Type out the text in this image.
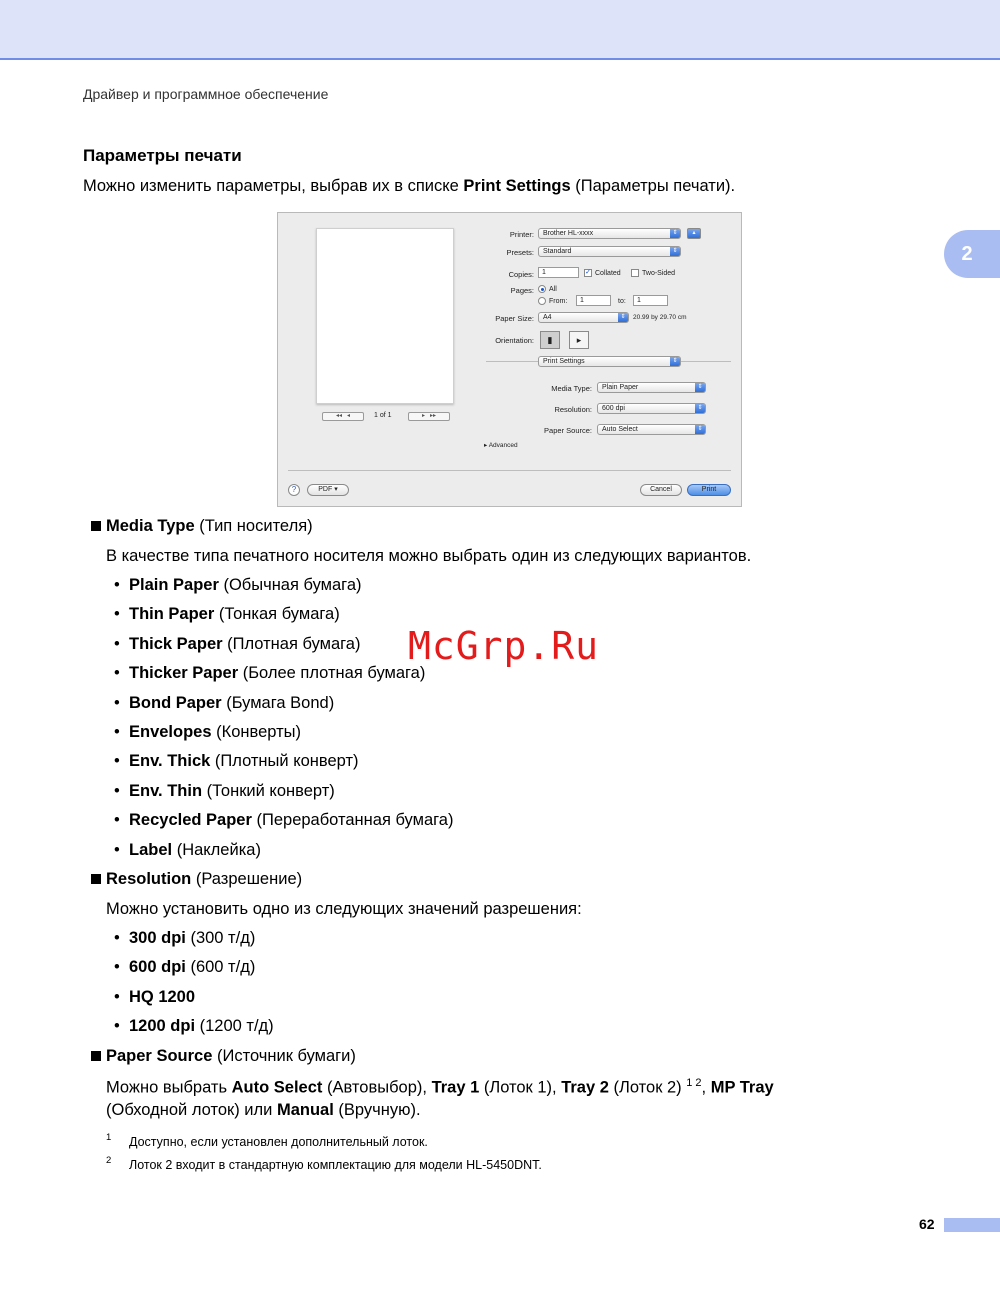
Драйвер и программное обеспечение
2
Параметры печати
Можно изменить параметры, выбрав их в списке Print Settings (Параметры печати).
◂◂   ◂	1 of 1	▸   ▸▸
Printer:	Brother HL-xxxx	⇕	▴
Presets:	Standard	⇕
Copies:	1	✓ Collated	Two-Sided
Pages: All
From:	1	to:	1
Paper Size:	A4	⇕	20.99 by 29.70 cm
Orientation:	▮	▸
Print Settings	⇕
Media Type:	Plain Paper	⇕
Resolution:	600 dpi	⇕
Paper Source:	Auto Select	⇕
▸ Advanced
?	PDF ▾	Cancel	Print
Media Type (Тип носителя)
В качестве типа печатного носителя можно выбрать один из следующих вариантов.
• Plain Paper (Обычная бумага)
• Thin Paper (Тонкая бумага)
• Thick Paper (Плотная бумага)
• Thicker Paper (Более плотная бумага)
• Bond Paper (Бумага Bond)
• Envelopes (Конверты)
• Env. Thick (Плотный конверт)
• Env. Thin (Тонкий конверт)
• Recycled Paper (Переработанная бумага)
• Label (Наклейка)
Resolution (Разрешение)
Можно установить одно из следующих значений разрешения:
• 300 dpi (300 т/д)
• 600 dpi (600 т/д)
• HQ 1200
• 1200 dpi (1200 т/д)
Paper Source (Источник бумаги)
Можно выбрать Auto Select (Автовыбор), Tray 1 (Лоток 1), Tray 2 (Лоток 2) $^{1 2}$, MP Tray
(Обходной лоток) или Manual (Вручную).
1 Доступно, если установлен дополнительный лоток.
2 Лоток 2 входит в стандартную комплектацию для модели HL-5450DNT.
McGrp.Ru
62
